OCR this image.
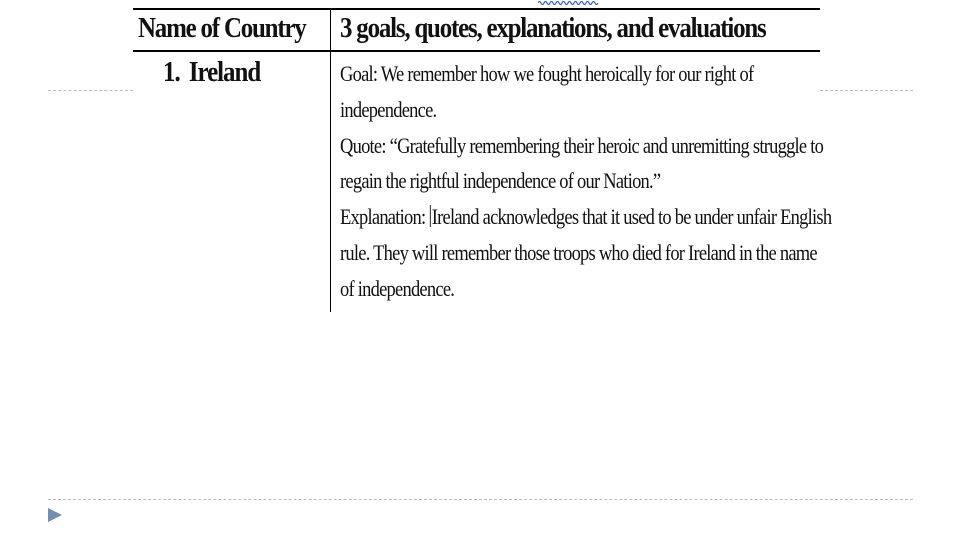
Name of Country 3 goals, quotes, explanations, and evaluations
1. Ireland	Goal: We remember how we fought heroically for our right of
independence.
Quote: “Gratefully remembering their heroic and unremitting struggle to
regain the rightful independence of our Nation.”
Explanation: Ireland acknowledges that it used to be under unfair English
rule. They will remember those troops who died for Ireland in the name
of independence.
